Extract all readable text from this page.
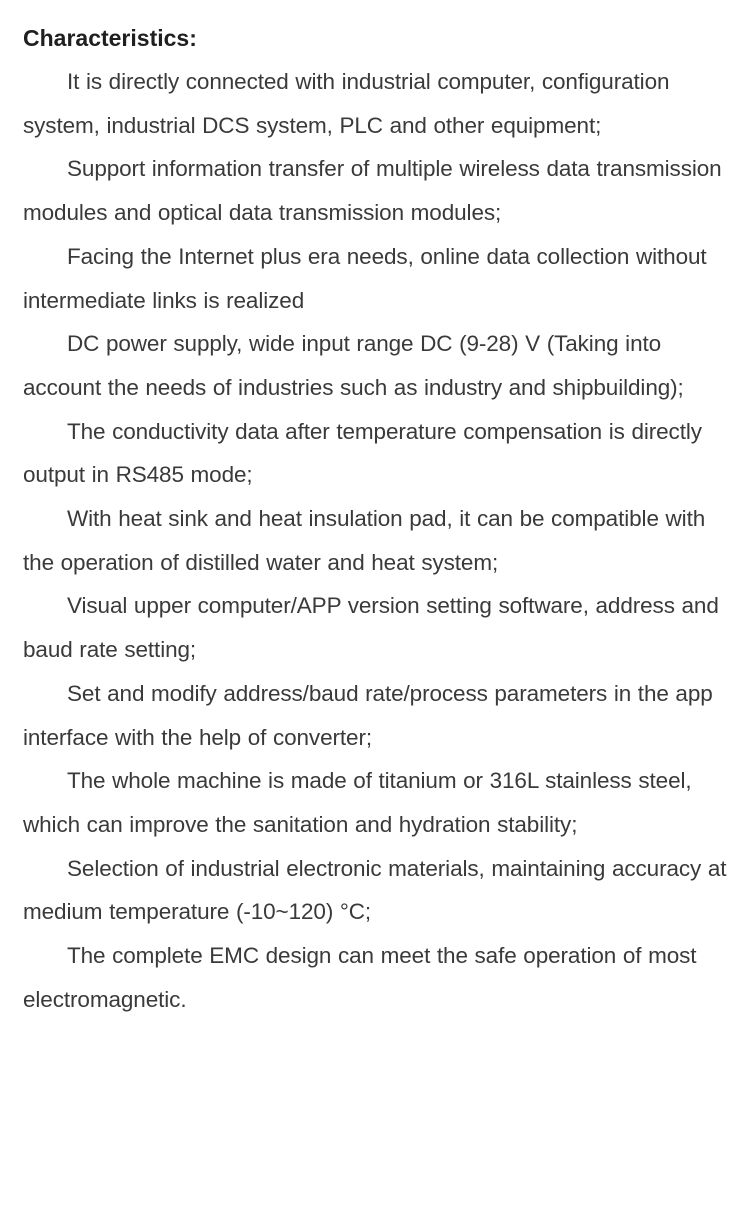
Characteristics:

It is directly connected with industrial computer, configuration system, industrial DCS system, PLC and other equipment;

Support information transfer of multiple wireless data transmission modules and optical data transmission modules;

Facing the Internet plus era needs, online data collection without intermediate links is realized

DC power supply, wide input range DC (9-28) V (Taking into account the needs of industries such as industry and shipbuilding);

The conductivity data after temperature compensation is directly output in RS485 mode;

With heat sink and heat insulation pad, it can be compatible with the operation of distilled water and heat system;

Visual upper computer/APP version setting software, address and baud rate setting;

Set and modify address/baud rate/process parameters in the app interface with the help of converter;

The whole machine is made of titanium or 316L stainless steel, which can improve the sanitation and hydration stability;

Selection of industrial electronic materials, maintaining accuracy at medium temperature (-10~120) °C;

The complete EMC design can meet the safe operation of most electromagnetic.
